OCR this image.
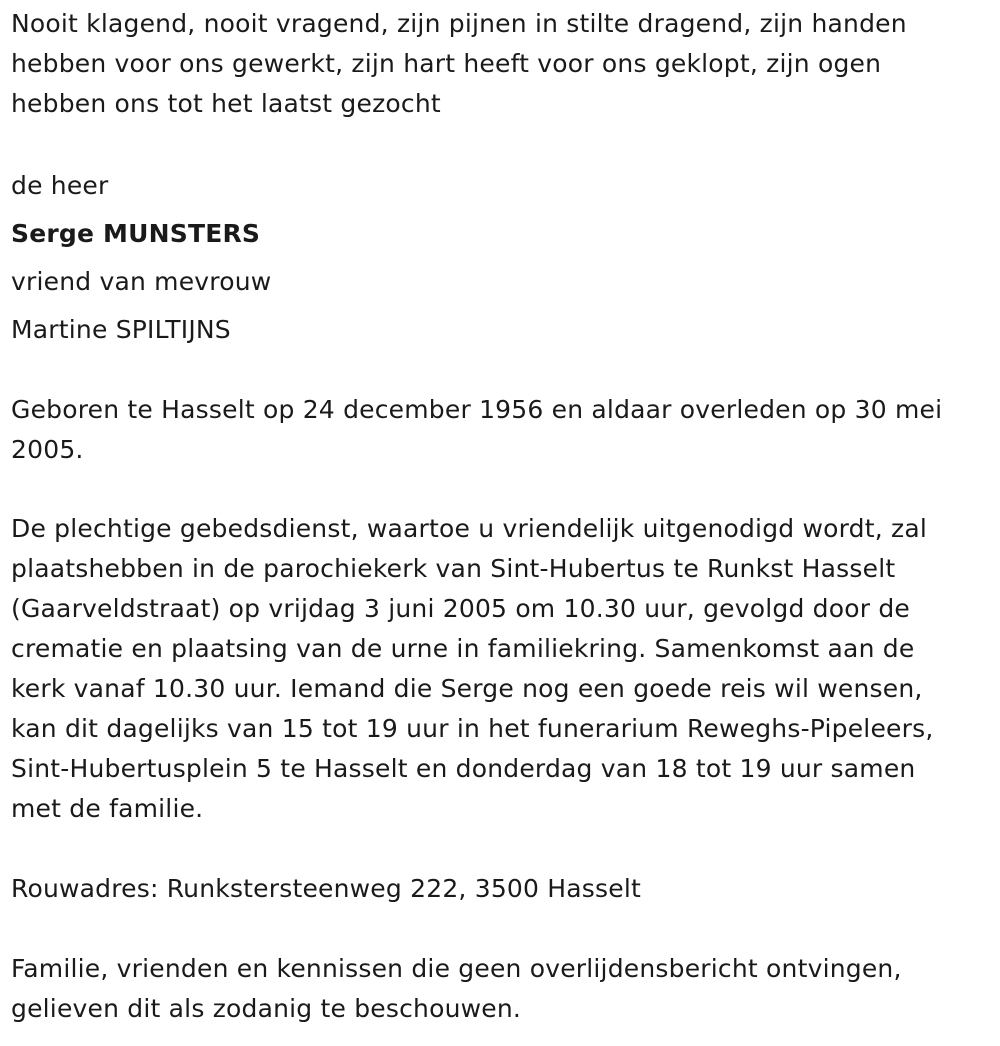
Nooit klagend, nooit vragend, zijn pijnen in stilte dragend, zijn handen
hebben voor ons gewerkt, zijn hart heeft voor ons geklopt, zijn ogen
hebben ons tot het laatst gezocht

de heer

Serge MUNSTERS

vriend van mevrouw

Martine SPILTIJNS

Geboren te Hasselt op 24 december 1956 en aldaar overleden op 30 mei
2005.

De plechtige gebedsdienst, waartoe u vriendelijk uitgenodigd wordt, zal
plaatshebben in de parochiekerk van Sint-Hubertus te Runkst Hasselt
(Gaarveldstraat) op vrijdag 3 juni 2005 om 10.30 uur, gevolgd door de
crematie en plaatsing van de urne in familiekring. Samenkomst aan de
kerk vanaf 10.30 uur. Iemand die Serge nog een goede reis wil wensen,
kan dit dagelijks van 15 tot 19 uur in het funerarium Reweghs-Pipeleers,
Sint-Hubertusplein 5 te Hasselt en donderdag van 18 tot 19 uur samen
met de familie.

Rouwadres: Runkstersteenweg 222, 3500 Hasselt

Familie, vrienden en kennissen die geen overlijdensbericht ontvingen,
gelieven dit als zodanig te beschouwen.
